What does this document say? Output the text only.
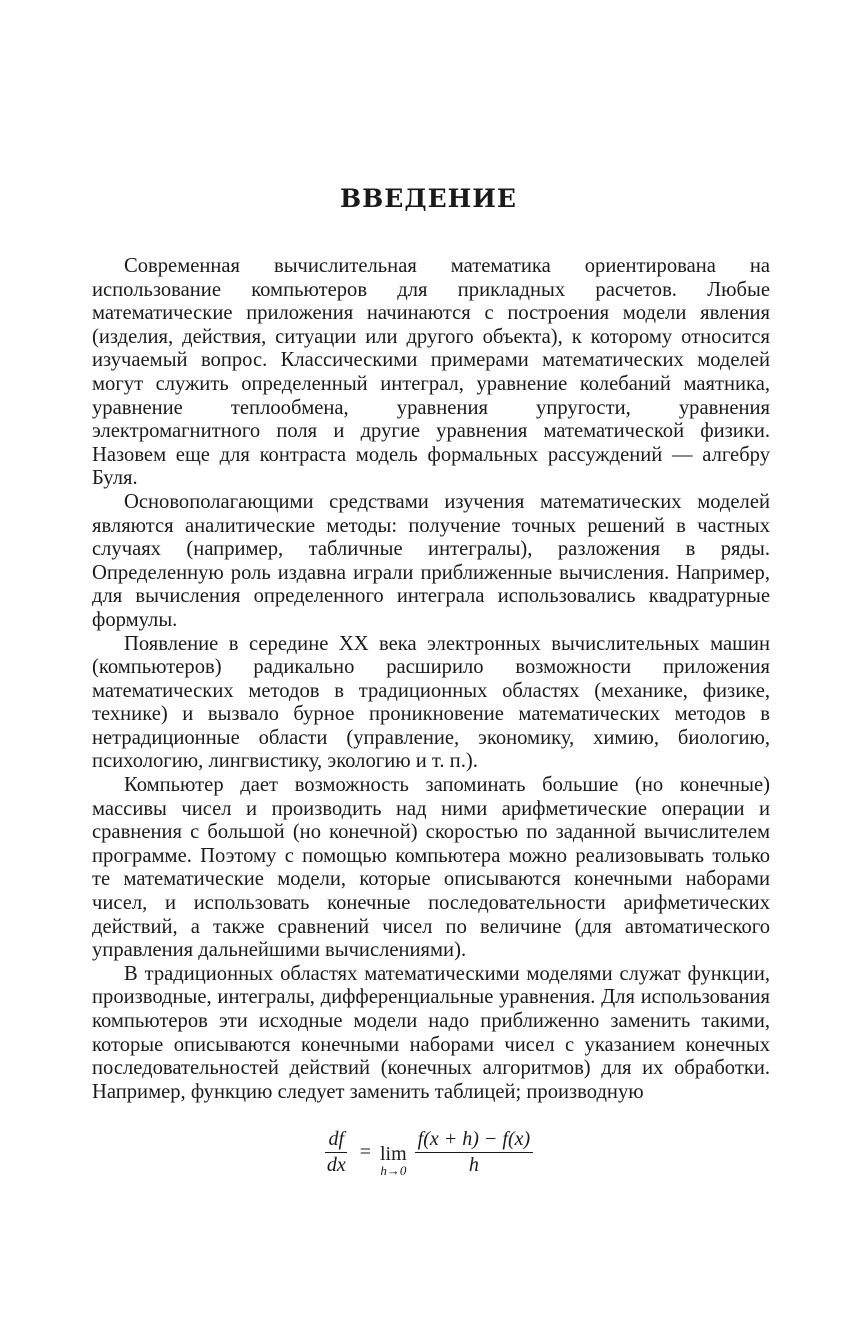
ВВЕДЕНИЕ

Современная вычислительная математика ориентирована на использование компьютеров для прикладных расчетов. Любые математические приложения начинаются с построения модели явления (изделия, действия, ситуации или другого объекта), к которому относится изучаемый вопрос. Классическими примерами математических моделей могут служить определенный интеграл, уравнение колебаний маятника, уравнение теплообмена, уравнения упругости, уравнения электромагнитного поля и другие уравнения математической физики. Назовем еще для контраста модель формальных рассуждений — алгебру Буля.

Основополагающими средствами изучения математических моделей являются аналитические методы: получение точных решений в частных случаях (например, табличные интегралы), разложения в ряды. Определенную роль издавна играли приближенные вычисления. Например, для вычисления определенного интеграла использовались квадратурные формулы.

Появление в середине XX века электронных вычислительных машин (компьютеров) радикально расширило возможности приложения математических методов в традиционных областях (механике, физике, технике) и вызвало бурное проникновение математических методов в нетрадиционные области (управление, экономику, химию, биологию, психологию, лингвистику, экологию и т. п.).

Компьютер дает возможность запоминать большие (но конечные) массивы чисел и производить над ними арифметические операции и сравнения с большой (но конечной) скоростью по заданной вычислителем программе. Поэтому с помощью компьютера можно реализовывать только те математические модели, которые описываются конечными наборами чисел, и использовать конечные последовательности арифметических действий, а также сравнений чисел по величине (для автоматического управления дальнейшими вычислениями).

В традиционных областях математическими моделями служат функции, производные, интегралы, дифференциальные уравнения. Для использования компьютеров эти исходные модели надо приближенно заменить такими, которые описываются конечными наборами чисел с указанием конечных последовательностей действий (конечных алгоритмов) для их обработки. Например, функцию следует заменить таблицей; производную

$\frac{df}{dx} = \lim$
$h\to 0 \frac{f(x + h) - f(x)}{h}$
